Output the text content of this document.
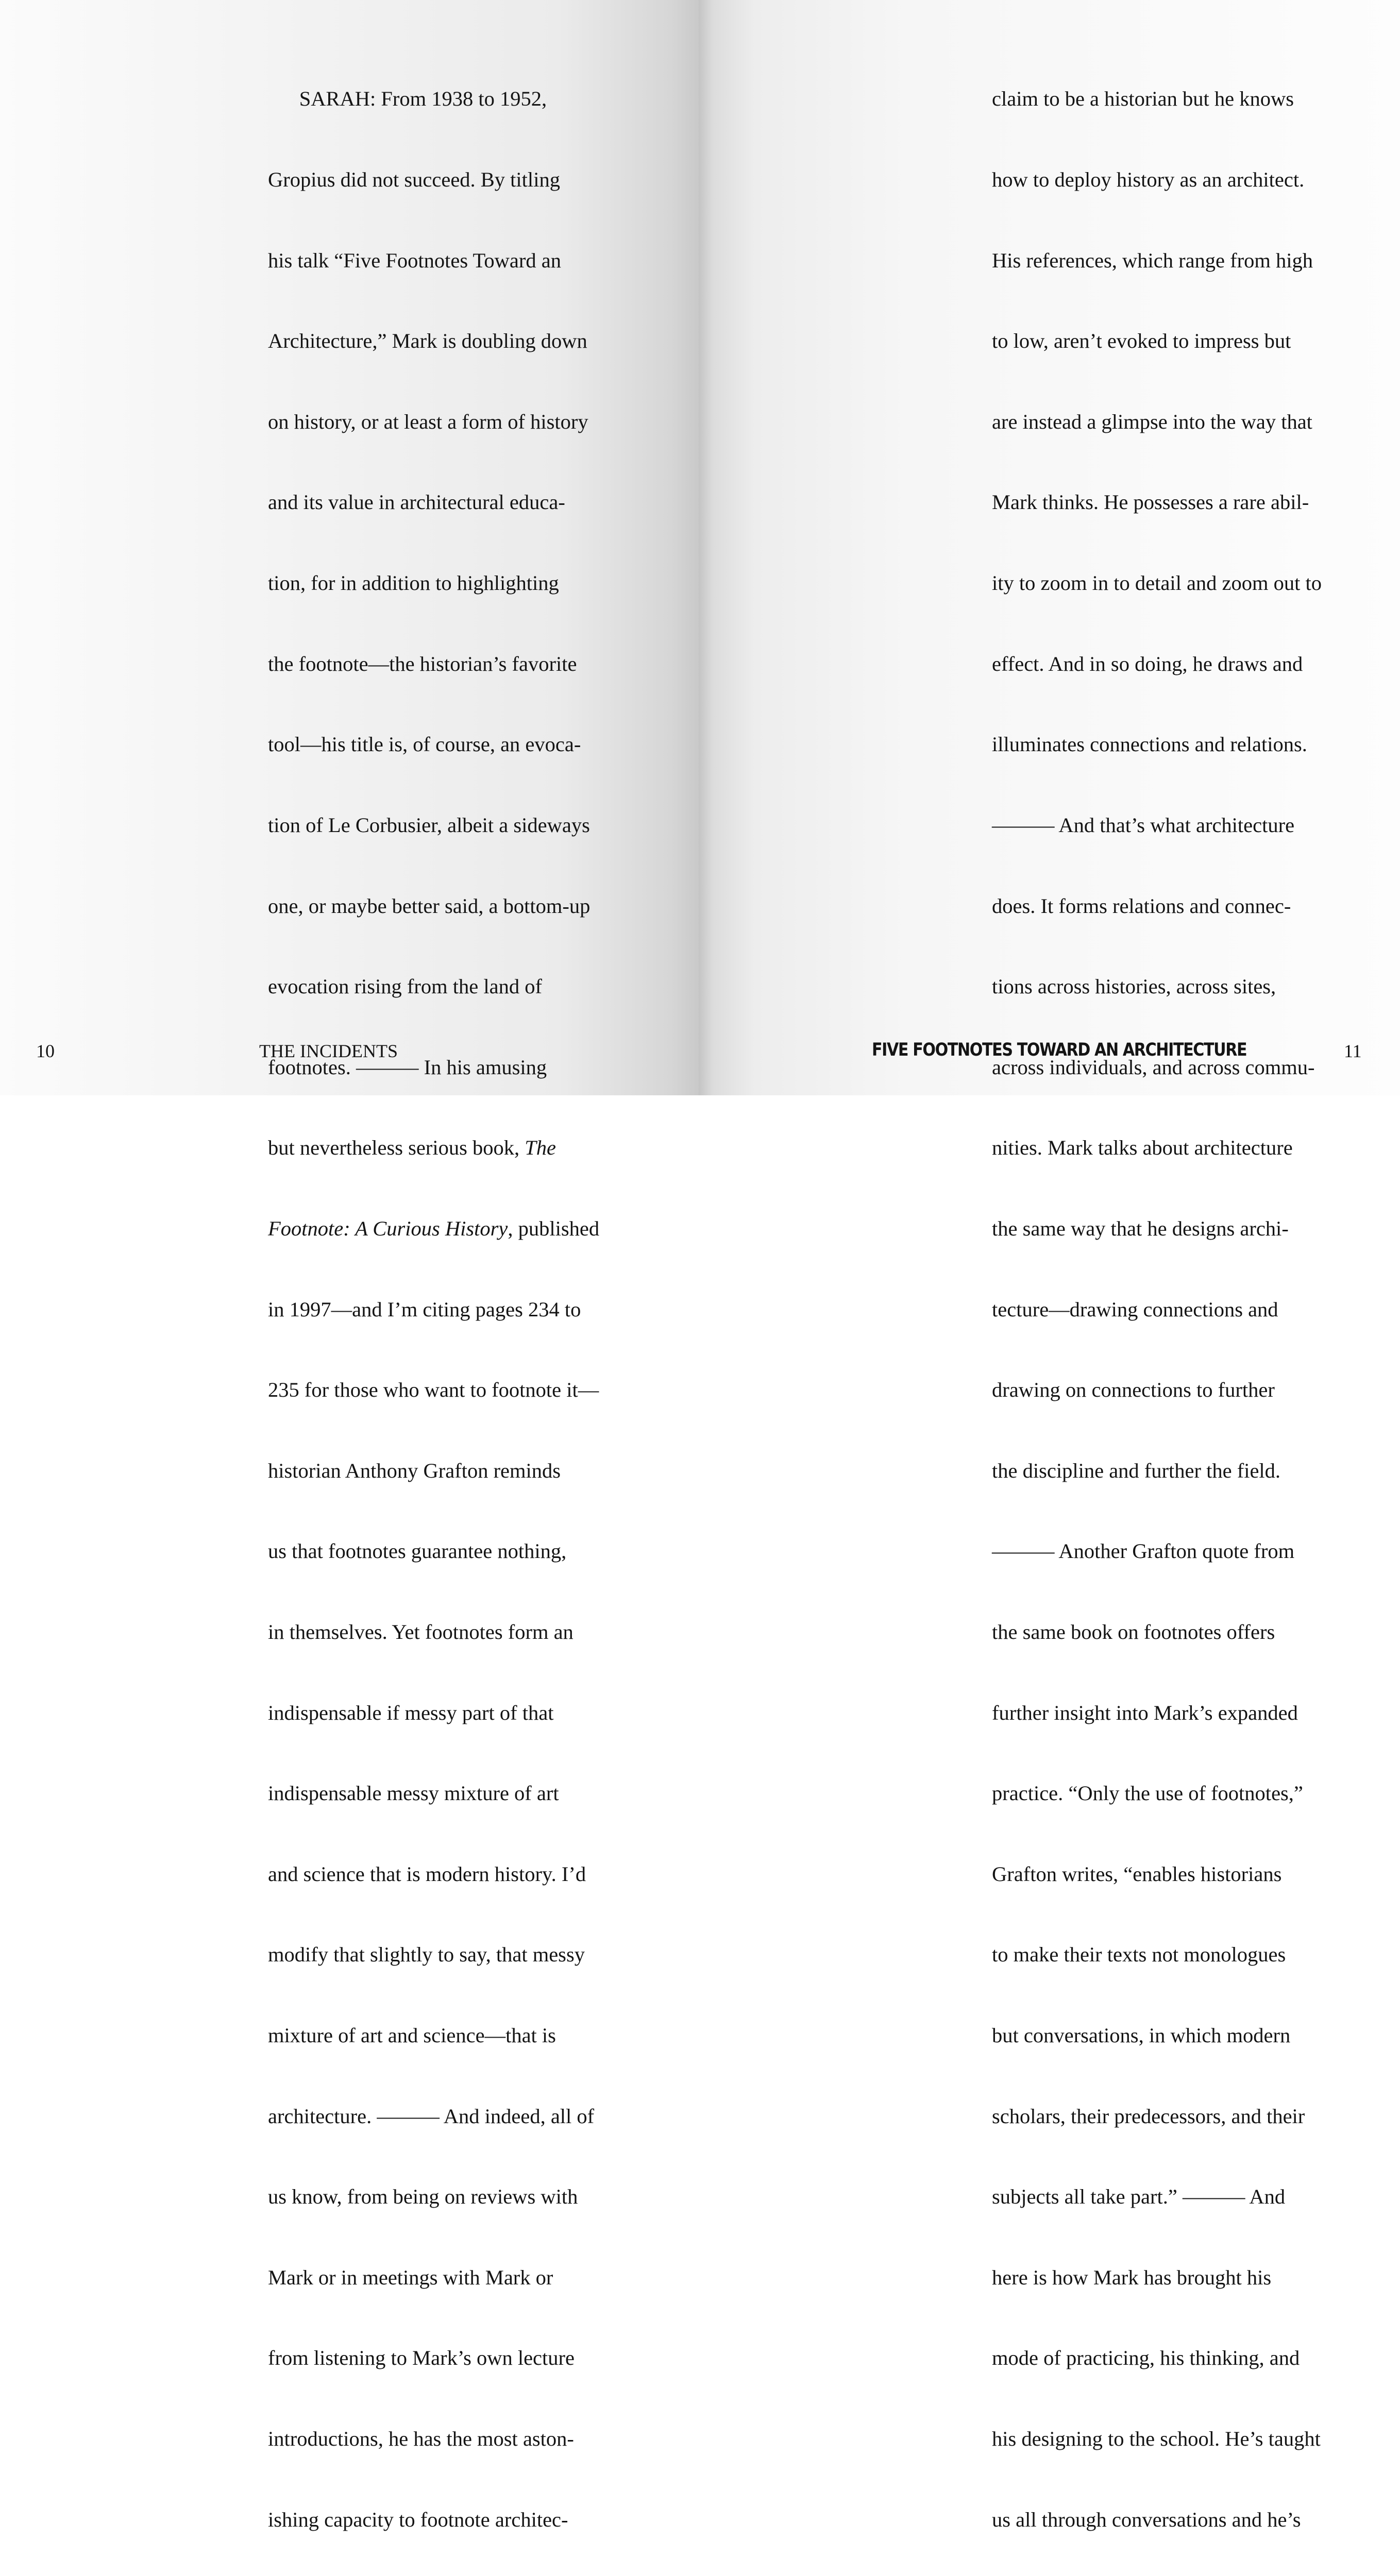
SARAH: From 1938 to 1952,

Gropius did not succeed. By titling

his talk “Five Footnotes Toward an

Architecture,” Mark is doubling down

on history, or at least a form of history

and its value in architectural educa-

tion, for in addition to highlighting

the footnote—the historian’s favorite

tool—his title is, of course, an evoca-

tion of Le Corbusier, albeit a sideways

one, or maybe better said, a bottom-up

evocation rising from the land of

footnotes. ——— In his amusing

but nevertheless serious book, The

Footnote: A Curious History, published

in 1997—and I’m citing pages 234 to

235 for those who want to footnote it—

historian Anthony Grafton reminds

us that footnotes guarantee nothing,

in themselves. Yet footnotes form an

indispensable if messy part of that

indispensable messy mixture of art

and science that is modern history. I’d

modify that slightly to say, that messy

mixture of art and science—that is

architecture. ——— And indeed, all of

us know, from being on reviews with

Mark or in meetings with Mark or

from listening to Mark’s own lecture

introductions, he has the most aston-

ishing capacity to footnote architec-

claim to be a historian but he knows

how to deploy history as an architect.

His references, which range from high

to low, aren’t evoked to impress but

are instead a glimpse into the way that

Mark thinks. He possesses a rare abil-

ity to zoom in to detail and zoom out to

effect. And in so doing, he draws and

illuminates connections and relations.

——— And that’s what architecture

does. It forms relations and connec-

tions across histories, across sites,

across individuals, and across commu-

nities. Mark talks about architecture

the same way that he designs archi-

tecture—drawing connections and

drawing on connections to further

the discipline and further the field.

——— Another Grafton quote from

the same book on footnotes offers

further insight into Mark’s expanded

practice. “Only the use of footnotes,”

Grafton writes, “enables historians

to make their texts not monologues

but conversations, in which modern

scholars, their predecessors, and their

subjects all take part.” ——— And

here is how Mark has brought his

mode of practicing, his thinking, and

his designing to the school. He’s taught

us all through conversations and he’s

10	THE INCIDENTS	FIVE FOOTNOTES TOWARD AN ARCHITECTURE	11
